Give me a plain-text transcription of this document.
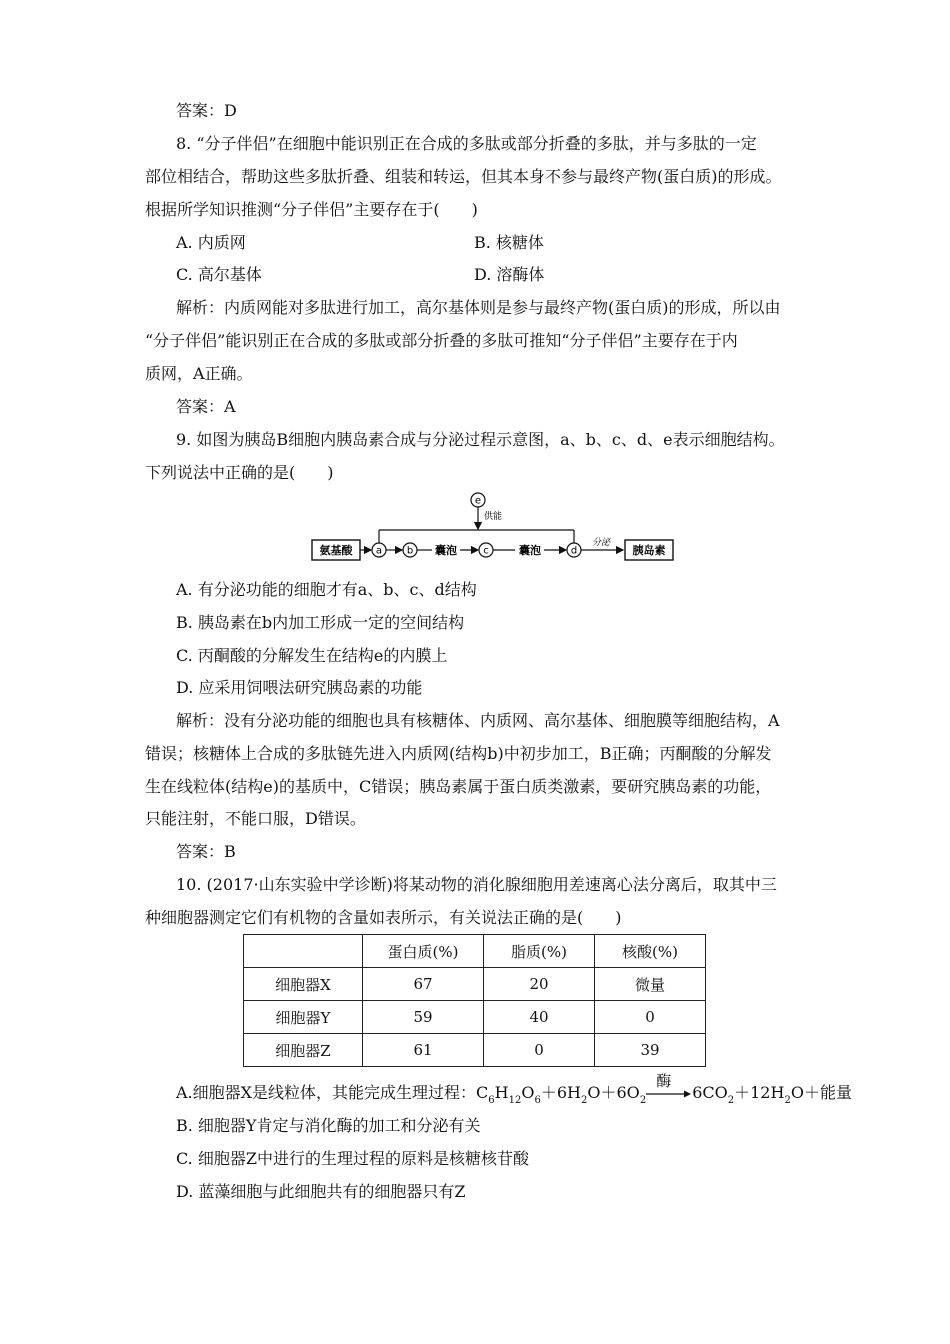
答案：D
8. “分子伴侣”在细胞中能识别正在合成的多肽或部分折叠的多肽，并与多肽的一定
部位相结合，帮助这些多肽折叠、组装和转运，但其本身不参与最终产物(蛋白质)的形成。
根据所学知识推测“分子伴侣”主要存在于(　　)
A. 内质网	B. 核糖体
C. 高尔基体	D. 溶酶体
解析：内质网能对多肽进行加工，高尔基体则是参与最终产物(蛋白质)的形成，所以由
“分子伴侣”能识别正在合成的多肽或部分折叠的多肽可推知“分子伴侣”主要存在于内
质网，A正确。
答案：A
9. 如图为胰岛B细胞内胰岛素合成与分泌过程示意图，a、b、c、d、e表示细胞结构。
下列说法中正确的是(　　)
氨基酸 a b 囊泡	c	囊泡	d
分泌
胰岛素
e
供能
A. 有分泌功能的细胞才有a、b、c、d结构
B. 胰岛素在b内加工形成一定的空间结构
C. 丙酮酸的分解发生在结构e的内膜上
D. 应采用饲喂法研究胰岛素的功能
解析：没有分泌功能的细胞也具有核糖体、内质网、高尔基体、细胞膜等细胞结构，A
错误；核糖体上合成的多肽链先进入内质网(结构b)中初步加工，B正确；丙酮酸的分解发
生在线粒体(结构e)的基质中，C错误；胰岛素属于蛋白质类激素，要研究胰岛素的功能，
只能注射，不能口服，D错误。
答案：B
10. (2017·山东实验中学诊断)将某动物的消化腺细胞用差速离心法分离后，取其中三
种细胞器测定它们有机物的含量如表所示，有关说法正确的是(　　)
	蛋白质(%)	脂质(%)	核酸(%)
细胞器X	67	20	微量
细胞器Y	59	40	0
细胞器Z	61	0	39
A.细胞器X是线粒体，其能完成生理过程：$C_6H_{12}O_6+6H_2O+6O_2$
酶
$6CO_2+12H_2O+$能量
B. 细胞器Y肯定与消化酶的加工和分泌有关
C. 细胞器Z中进行的生理过程的原料是核糖核苷酸
D. 蓝藻细胞与此细胞共有的细胞器只有Z
